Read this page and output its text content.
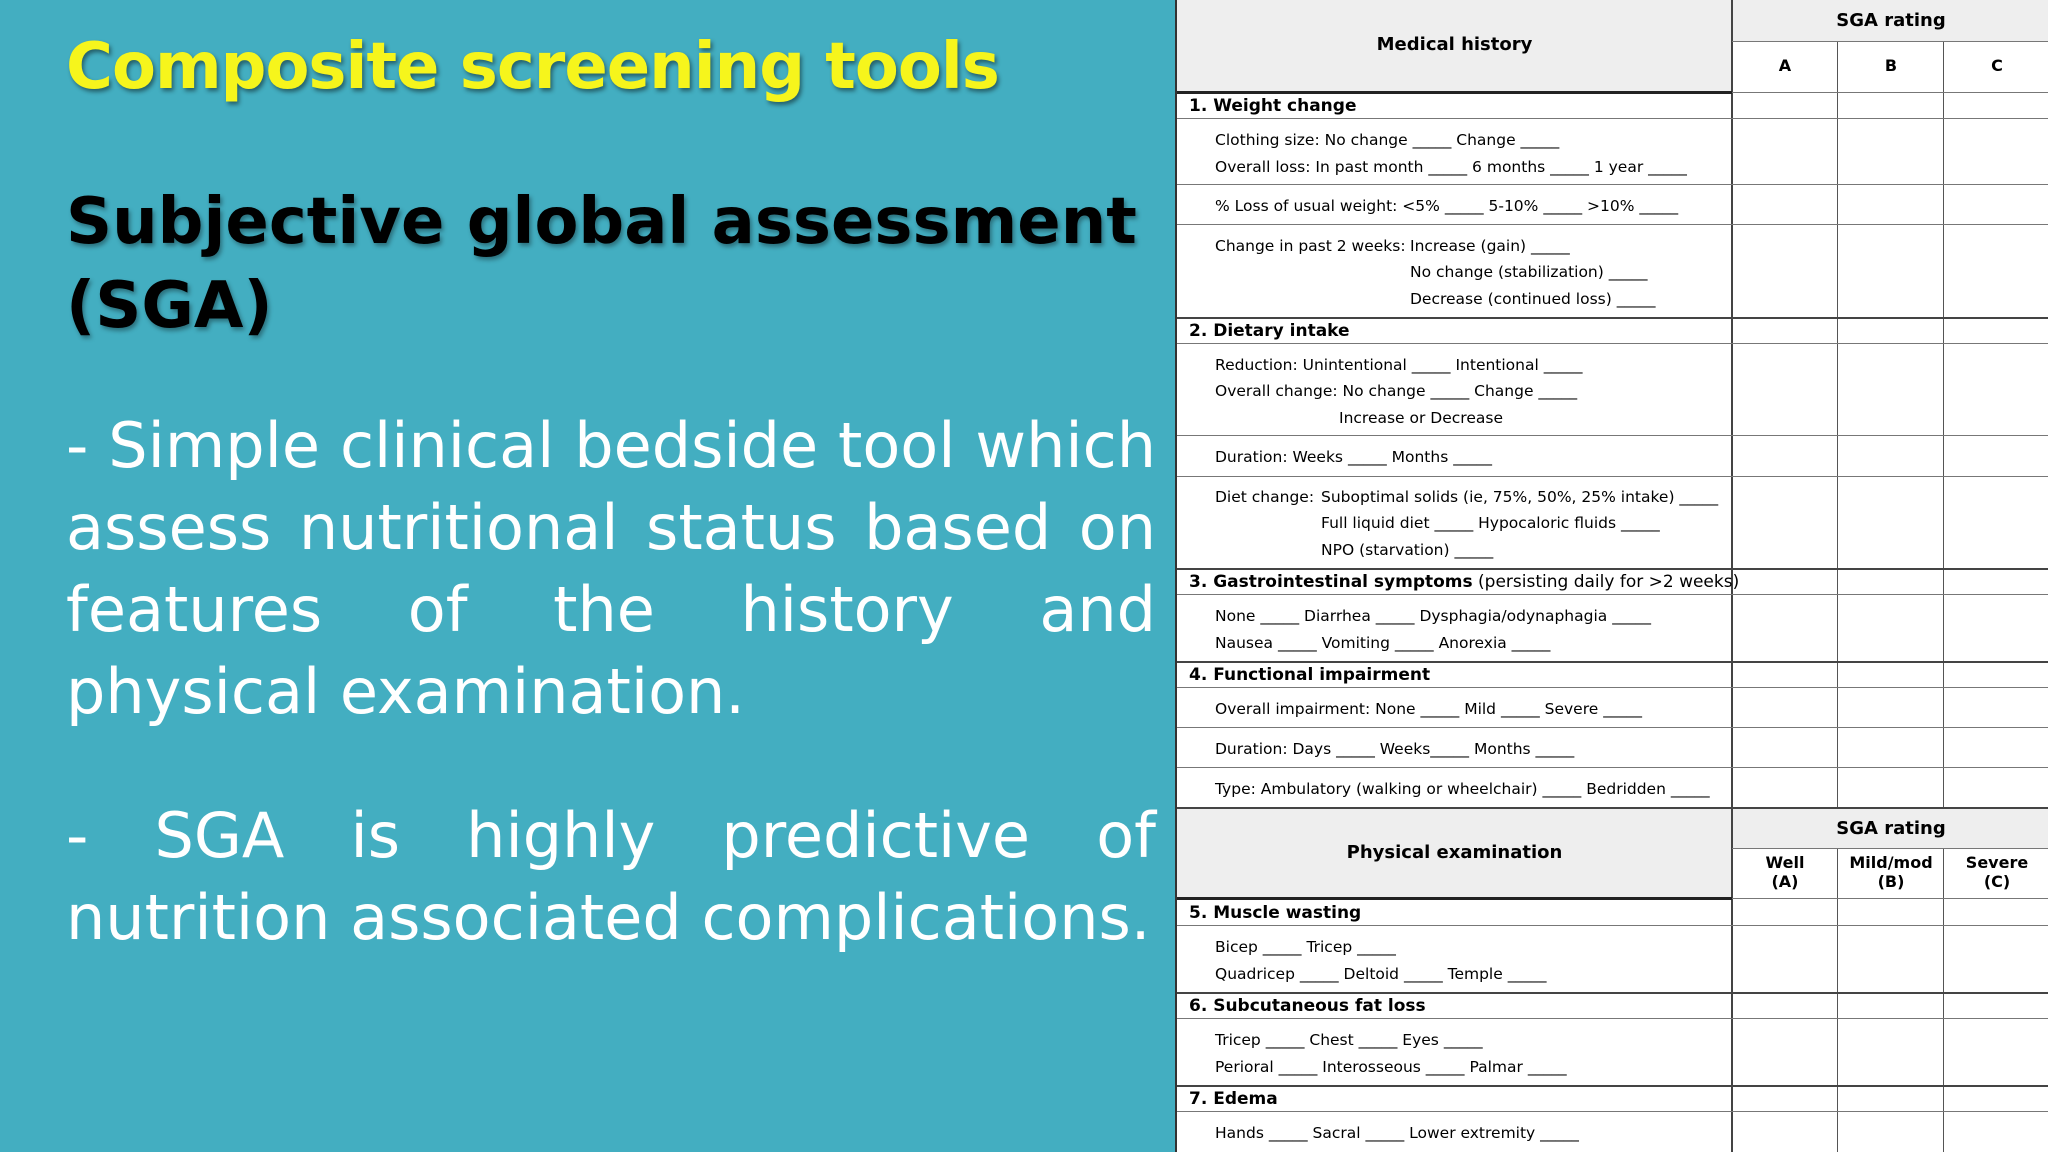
Composite screening tools
Subjective global assessment (SGA)
- Simple clinical bedside tool which assess nutritional status based on features of the history and physical examination.
- SGA is highly predictive of nutrition associated complications.
Medical history
SGA rating
A	B	C
Physical examination
SGA rating
Well (A)
Mild/mod (B)
Severe (C)
1. Weight change
2. Dietary intake
3. Gastrointestinal symptoms (persisting daily for >2 weeks)
4. Functional impairment
5. Muscle wasting
6. Subcutaneous fat loss
7. Edema
Clothing size: No change _____ Change _____
Overall loss: In past month _____ 6 months _____ 1 year _____
% Loss of usual weight: <5% _____ 5-10% _____ >10% _____
Change in past 2 weeks: Increase (gain) _____
No change (stabilization) _____
Decrease (continued loss) _____
Reduction: Unintentional _____ Intentional _____
Overall change: No change _____ Change _____
Increase or Decrease
Duration: Weeks _____ Months _____
Diet change: Suboptimal solids (ie, 75%, 50%, 25% intake) _____
Full liquid diet _____ Hypocaloric fluids _____
NPO (starvation) _____
None _____ Diarrhea _____ Dysphagia/odynaphagia _____
Nausea _____ Vomiting _____ Anorexia _____
Overall impairment: None _____ Mild _____ Severe _____
Duration: Days _____ Weeks_____ Months _____
Type: Ambulatory (walking or wheelchair) _____ Bedridden _____
Bicep _____ Tricep _____
Quadricep _____ Deltoid _____ Temple _____
Tricep _____ Chest _____ Eyes _____
Perioral _____ Interosseous _____ Palmar _____
Hands _____ Sacral _____ Lower extremity _____
